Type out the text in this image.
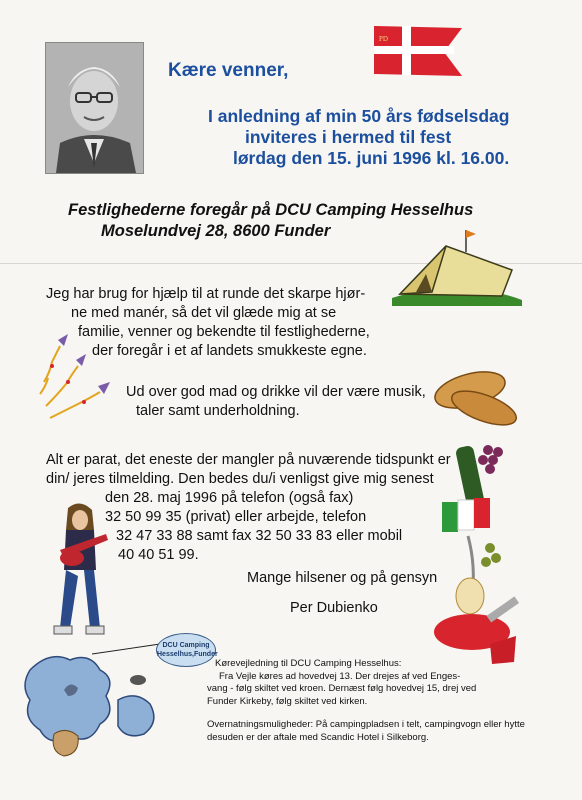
PD
Kære venner,
I anledning af min 50 års fødselsdag
inviteres i hermed til fest
lørdag den 15. juni 1996 kl. 16.00.
Festlighederne foregår på DCU Camping Hesselhus
Moselundvej 28, 8600 Funder
Jeg har brug for hjælp til at runde det skarpe hjør-
ne med manér, så det vil glæde mig at se
familie, venner og bekendte til festlighederne,
der foregår i et af landets smukkeste egne.
Ud over god mad og drikke vil der være musik,
taler samt underholdning.
Alt er parat, det eneste der mangler på nuværende tidspunkt er
din/ jeres tilmelding. Den bedes du/i venligst give mig senest
den 28. maj 1996 på telefon (også fax)
32 50 99 35 (privat) eller arbejde, telefon
32 47 33 88 samt fax 32 50 33 83 eller mobil
40 40 51 99.
Mange hilsener og på gensyn
Per Dubienko
DCU Camping
Hesselhus,Funder
Kørevejledning til DCU Camping Hesselhus:
Fra Vejle køres ad hovedvej 13. Der drejes af ved Enges-
vang - følg skiltet ved kroen. Dernæst følg hovedvej 15, drej ved
Funder Kirkeby, følg skiltet ved kirken.
Overnatningsmuligheder: På campingpladsen i telt, campingvogn eller hytte
desuden er der aftale med Scandic Hotel i Silkeborg.
